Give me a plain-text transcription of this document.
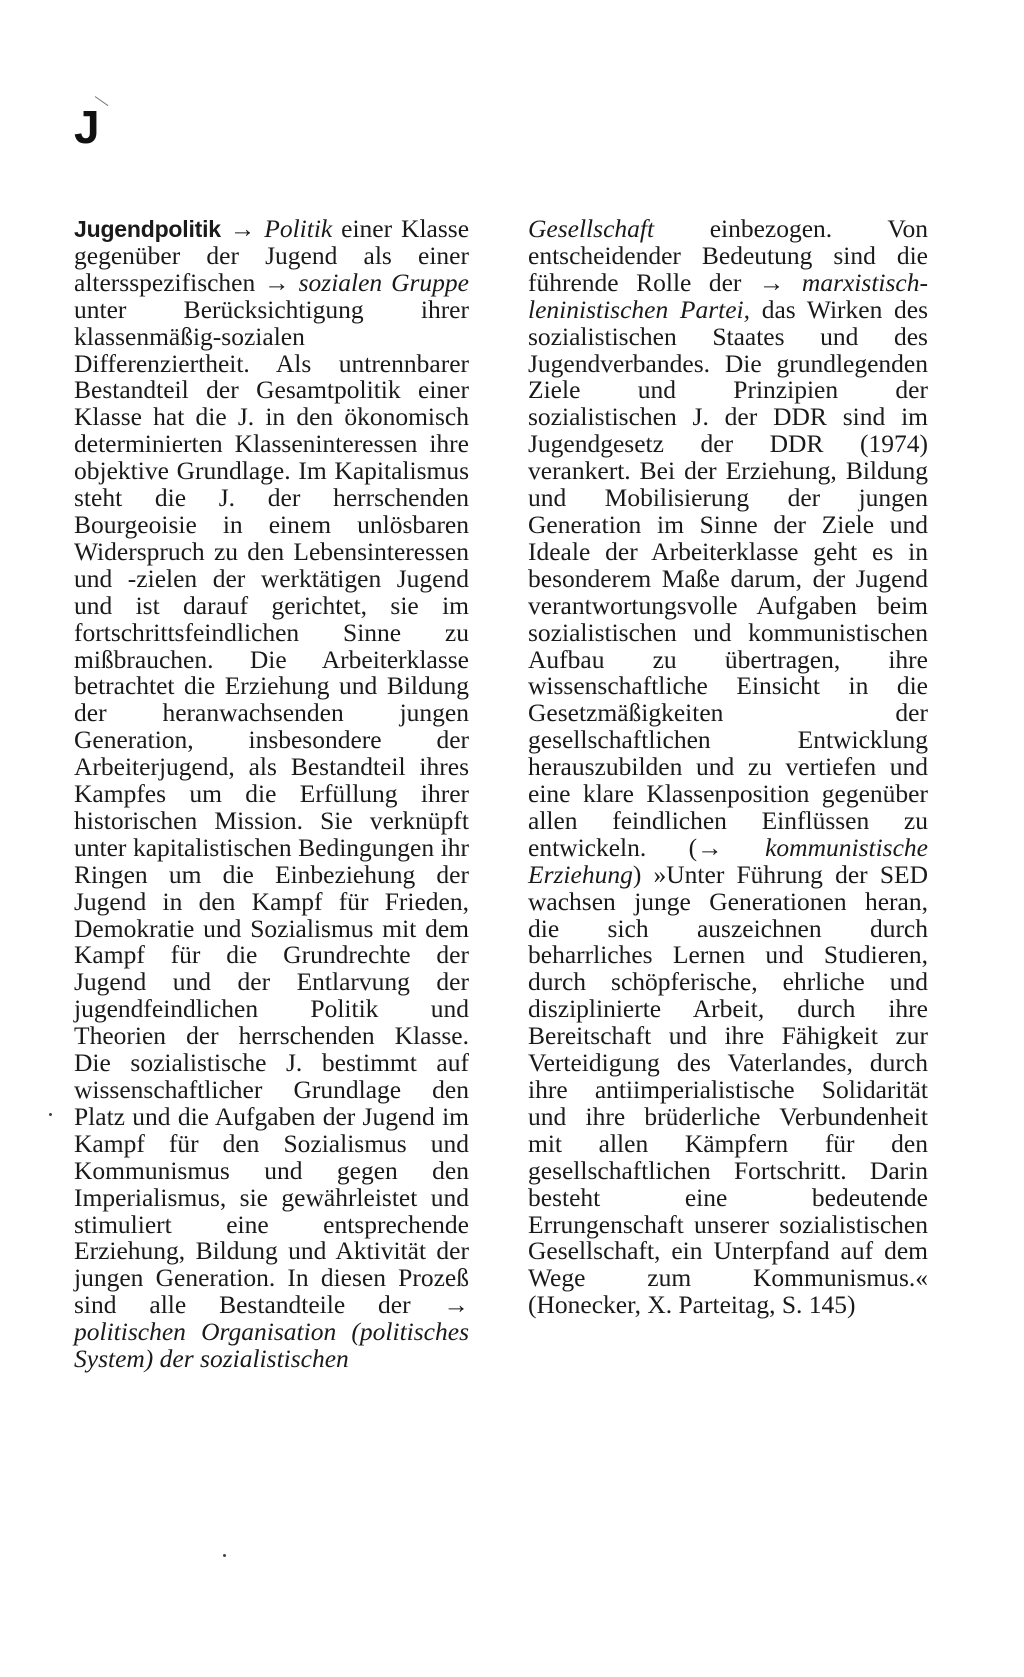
J

Jugendpolitik → Politik einer Klasse gegenüber der Jugend als einer altersspezifischen → sozialen Gruppe unter Berücksichtigung ihrer klassenmäßig-sozialen Differenziertheit. Als untrennbarer Bestandteil der Gesamtpolitik einer Klasse hat die J. in den ökonomisch determinierten Klasseninteressen ihre objektive Grundlage. Im Kapitalismus steht die J. der herrschenden Bourgeoisie in einem unlösbaren Widerspruch zu den Lebensinteressen und -zielen der werktätigen Jugend und ist darauf gerichtet, sie im fortschrittsfeindlichen Sinne zu mißbrauchen. Die Arbeiterklasse betrachtet die Erziehung und Bildung der heranwachsenden jungen Generation, insbesondere der Arbeiterjugend, als Bestandteil ihres Kampfes um die Erfüllung ihrer historischen Mission. Sie verknüpft unter kapitalistischen Bedingungen ihr Ringen um die Einbeziehung der Jugend in den Kampf für Frieden, Demokratie und Sozialismus mit dem Kampf für die Grundrechte der Jugend und der Entlarvung der jugendfeindlichen Politik und Theorien der herrschenden Klasse. Die sozialistische J. bestimmt auf wissenschaftlicher Grundlage den Platz und die Aufgaben der Jugend im Kampf für den Sozialismus und Kommunismus und gegen den Imperialismus, sie gewährleistet und stimuliert eine entsprechende Erziehung, Bildung und Aktivität der jungen Generation. In diesen Prozeß sind alle Bestandteile der → politischen Organisation (politisches System) der sozialistischen

Gesellschaft einbezogen. Von entscheidender Bedeutung sind die führende Rolle der → marxistisch-leninistischen Partei, das Wirken des sozialistischen Staates und des Jugendverbandes. Die grundlegenden Ziele und Prinzipien der sozialistischen J. der DDR sind im Jugendgesetz der DDR (1974) verankert. Bei der Erziehung, Bildung und Mobilisierung der jungen Generation im Sinne der Ziele und Ideale der Arbeiterklasse geht es in besonderem Maße darum, der Jugend verantwortungsvolle Aufgaben beim sozialistischen und kommunistischen Aufbau zu übertragen, ihre wissenschaftliche Einsicht in die Gesetzmäßigkeiten der gesellschaftlichen Entwicklung herauszubilden und zu vertiefen und eine klare Klassenposition gegenüber allen feindlichen Einflüssen zu entwickeln. (→ kommunistische Erziehung) »Unter Führung der SED wachsen junge Generationen heran, die sich auszeichnen durch beharrliches Lernen und Studieren, durch schöpferische, ehrliche und disziplinierte Arbeit, durch ihre Bereitschaft und ihre Fähigkeit zur Verteidigung des Vaterlandes, durch ihre antiimperialistische Solidarität und ihre brüderliche Verbundenheit mit allen Kämpfern für den gesellschaftlichen Fortschritt. Darin besteht eine bedeutende Errungenschaft unserer sozialistischen Gesellschaft, ein Unterpfand auf dem Wege zum Kommunismus.« (Honecker, X. Parteitag, S. 145)
